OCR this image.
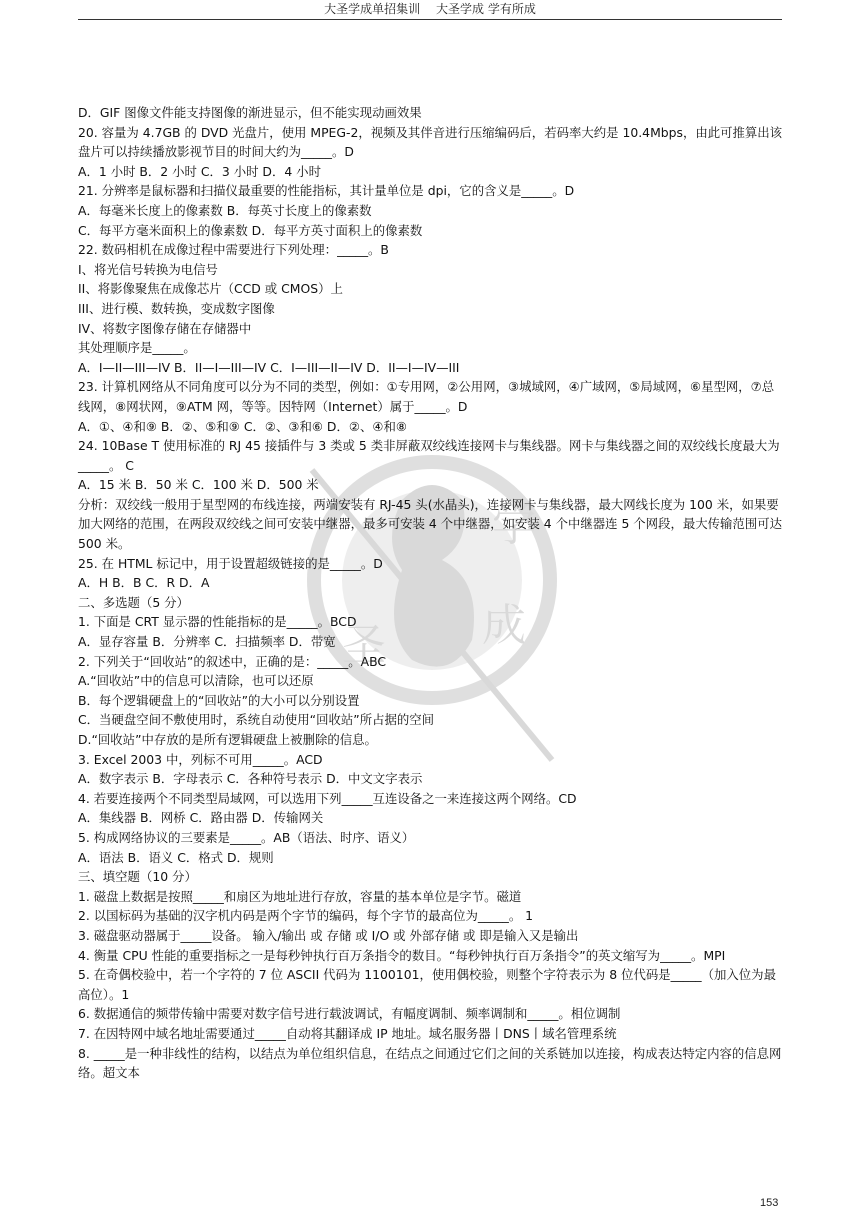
大圣学成单招集训 大圣学成 学有所成
学
成
圣

D．GIF 图像文件能支持图像的渐进显示，但不能实现动画效果

20. 容量为 4.7GB 的 DVD 光盘片，使用 MPEG-2，视频及其伴音进行压缩编码后，若码率大约是 10.4Mbps，由此可推算出该盘片可以持续播放影视节目的时间大约为_____。D

A．1 小时 B．2 小时 C．3 小时 D．4 小时

21. 分辨率是鼠标器和扫描仪最重要的性能指标，其计量单位是 dpi，它的含义是_____。D

A．每毫米长度上的像素数 B．每英寸长度上的像素数

C．每平方毫米面积上的像素数 D．每平方英寸面积上的像素数

22. 数码相机在成像过程中需要进行下列处理：_____。B

I、将光信号转换为电信号

II、将影像聚焦在成像芯片（CCD 或 CMOS）上

III、进行模、数转换，变成数字图像

IV、将数字图像存储在存储器中

其处理顺序是_____。

A．I—II—III—IV B．II—I—III—IV C．I—III—II—IV D．II—I—IV—III

23. 计算机网络从不同角度可以分为不同的类型，例如：①专用网，②公用网，③城域网，④广域网，⑤局域网，⑥星型网，⑦总线网，⑧网状网，⑨ATM 网，等等。因特网（Internet）属于_____。D

A．①、④和⑨ B．②、⑤和⑨ C．②、③和⑥ D．②、④和⑧

24. 10Base T 使用标准的 RJ 45 接插件与 3 类或 5 类非屏蔽双绞线连接网卡与集线器。网卡与集线器之间的双绞线长度最大为_____。 C

A．15 米 B．50 米 C．100 米 D．500 米

分析：双绞线一般用于星型网的布线连接，两端安装有 RJ-45 头(水晶头)，连接网卡与集线器，最大网线长度为 100 米，如果要加大网络的范围，在两段双绞线之间可安装中继器，最多可安装 4 个中继器，如安装 4 个中继器连 5 个网段，最大传输范围可达 500 米。

25. 在 HTML 标记中，用于设置超级链接的是_____。D

A．H B．B C．R D．A

二、多选题（5 分）

1. 下面是 CRT 显示器的性能指标的是_____。BCD

A．显存容量 B．分辨率 C．扫描频率 D．带宽

2. 下列关于“回收站”的叙述中，正确的是：_____。ABC

A.“回收站”中的信息可以清除，也可以还原

B．每个逻辑硬盘上的“回收站”的大小可以分别设置

C．当硬盘空间不敷使用时，系统自动使用“回收站”所占据的空间

D.“回收站”中存放的是所有逻辑硬盘上被删除的信息。

3. Excel 2003 中，列标不可用_____。ACD

A．数字表示 B．字母表示 C．各种符号表示 D．中文文字表示

4. 若要连接两个不同类型局域网，可以选用下列_____互连设备之一来连接这两个网络。CD

A．集线器 B．网桥 C．路由器 D．传输网关

5. 构成网络协议的三要素是_____。AB（语法、时序、语义）

A．语法 B．语义 C．格式 D．规则

三、填空题（10 分）

1. 磁盘上数据是按照_____和扇区为地址进行存放，容量的基本单位是字节。磁道

2. 以国标码为基础的汉字机内码是两个字节的编码，每个字节的最高位为_____。 1

3. 磁盘驱动器属于_____设备。 输入/输出 或 存储 或 I/O 或 外部存储 或 即是输入又是输出

4. 衡量 CPU 性能的重要指标之一是每秒钟执行百万条指令的数目。“每秒钟执行百万条指令”的英文缩写为_____。MPI

5. 在奇偶校验中，若一个字符的 7 位 ASCII 代码为 1100101，使用偶校验，则整个字符表示为 8 位代码是_____（加入位为最高位）。1

6. 数据通信的频带传输中需要对数字信号进行载波调试，有幅度调制、频率调制和_____。相位调制

7. 在因特网中域名地址需要通过_____自动将其翻译成 IP 地址。域名服务器丨DNS丨域名管理系统

8. _____是一种非线性的结构，以结点为单位组织信息，在结点之间通过它们之间的关系链加以连接，构成表达特定内容的信息网络。超文本

153
